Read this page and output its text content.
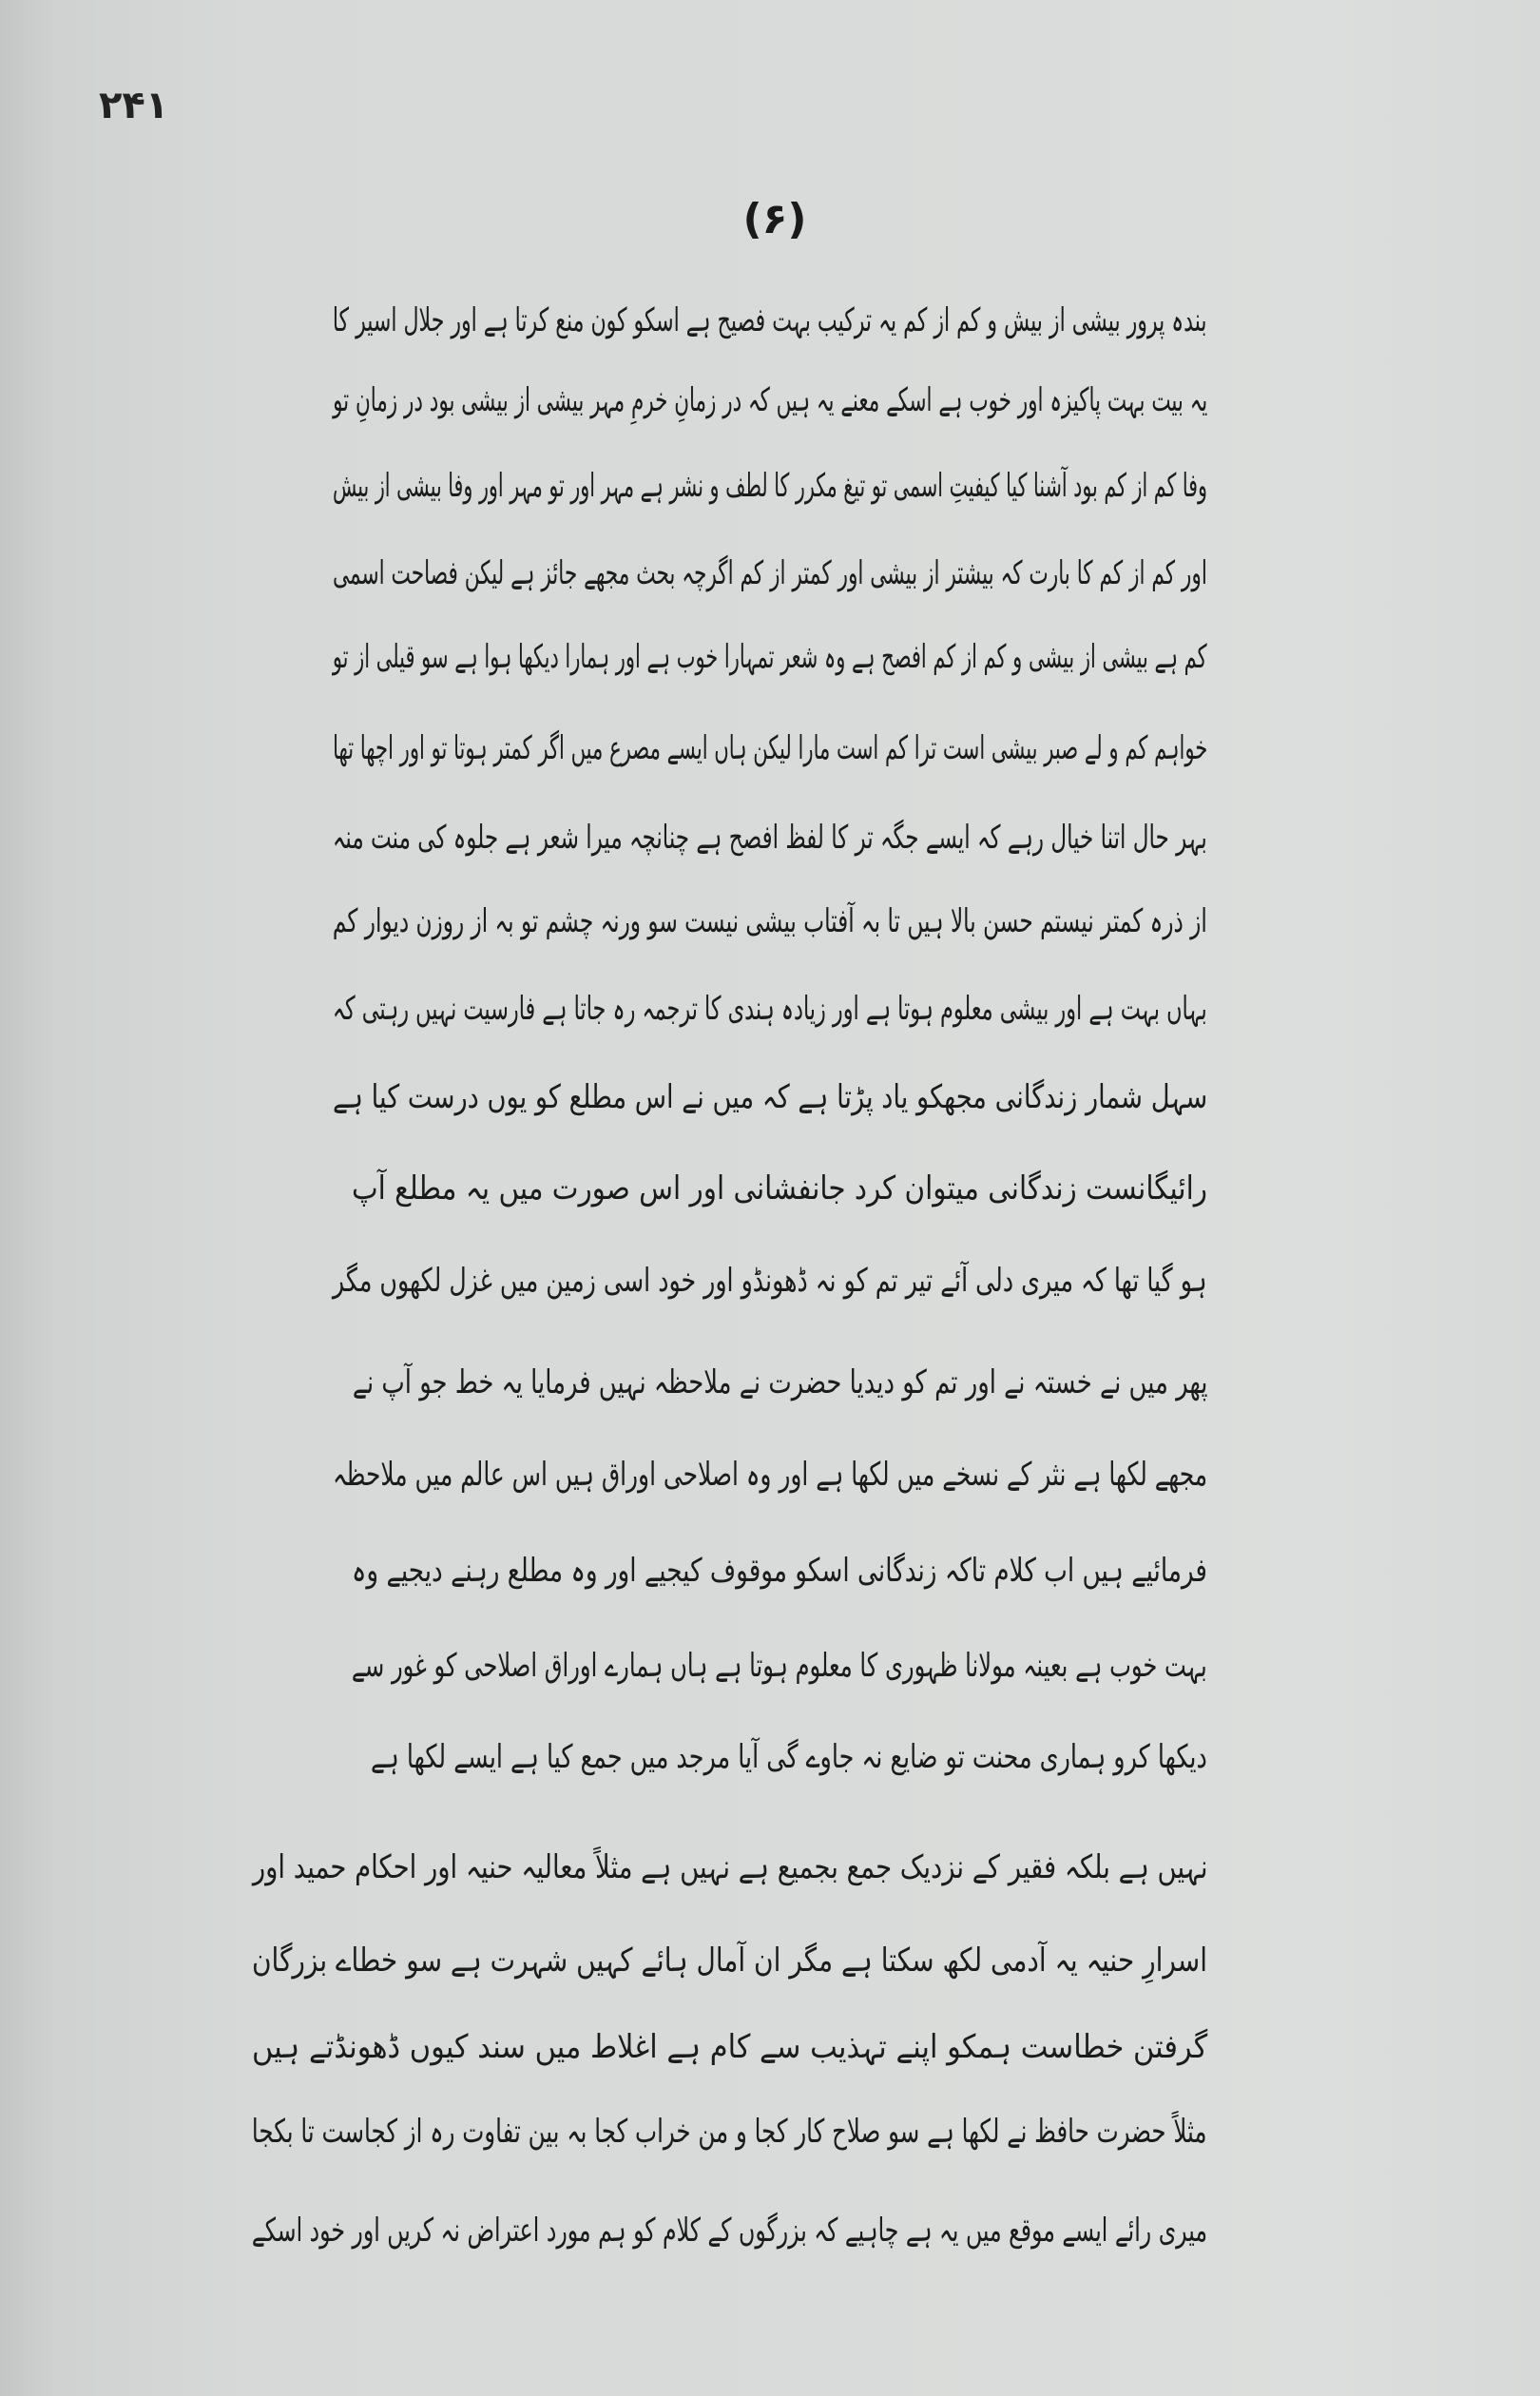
۲۴۱
(۶)
بندہ پرور بیشی از بیش و کم از کم یہ ترکیب بہت فصیح ہے اسکو کون منع کرتا ہے اور جلال اسیر کا
یہ بیت بہت پاکیزہ اور خوب ہے اسکے معنے یہ ہیں کہ در زمانِ خرمِ مہر بیشی از بیشی بود در زمانِ تو
وفا کم از کم بود آشنا کیا کیفیتِ اسمی تو تیغ مکرر کا لطف و نشر ہے مہر اور تو مہر اور وفا بیشی از بیش
اور کم از کم کا بارت کہ بیشتر از بیشی اور کمتر از کم اگرچہ بحث مجھے جائز ہے لیکن فصاحت اسمی
کم ہے بیشی از بیشی و کم از کم افصح ہے وہ شعر تمہارا خوب ہے اور ہمارا دیکھا ہوا ہے سو قیلی از تو
خواہم کم و لے صبر بیشی است ترا کم است مارا لیکن ہاں ایسے مصرع میں اگر کمتر ہوتا تو اور اچھا تھا
بہر حال اتنا خیال رہے کہ ایسے جگہ تر کا لفظ افصح ہے چنانچہ میرا شعر ہے جلوہ کی منت منہ
از ذرہ کمتر نیستم حسن بالا ہیں تا بہ آفتاب بیشی نیست سو ورنہ چشم تو بہ از روزن دیوار کم
بہاں بہت ہے اور بیشی معلوم ہوتا ہے اور زیادہ ہندی کا ترجمہ رہ جاتا ہے فارسیت نہیں رہتی کہ
سہل شمار زندگانی مجھکو یاد پڑتا ہے کہ میں نے اس مطلع کو یوں درست کیا ہے
رائیگانست زندگانی میتوان کرد جانفشانی اور اس صورت میں یہ مطلع آپ
ہو گیا تھا کہ میری دلی آئے تیر تم کو نہ ڈھونڈو اور خود اسی زمین میں غزل لکھوں مگر
پھر میں نے خستہ نے اور تم کو دیدیا حضرت نے ملاحظہ نہیں فرمایا یہ خط جو آپ نے
مجھے لکھا ہے نثر کے نسخے میں لکھا ہے اور وہ اصلاحی اوراق ہیں اس عالم میں ملاحظہ
فرمائیے ہیں اب کلام تاکہ زندگانی اسکو موقوف کیجیے اور وہ مطلع رہنے دیجیے وہ
بہت خوب ہے بعینہ مولانا ظہوری کا معلوم ہوتا ہے ہاں ہمارے اوراق اصلاحی کو غور سے
دیکھا کرو ہماری محنت تو ضایع نہ جاوے گی آیا مرجد میں جمع کیا ہے ایسے لکھا ہے
نہیں ہے بلکہ فقیر کے نزدیک جمع بجمیع ہے نہیں ہے مثلاً معالیہ حنیہ اور احکام حمید اور
اسرارِ حنیہ یہ آدمی لکھ سکتا ہے مگر ان آمال ہائے کہیں شہرت ہے سو خطاے بزرگان
گرفتن خطاست ہمکو اپنے تہذیب سے کام ہے اغلاط میں سند کیوں ڈھونڈتے ہیں
مثلاً حضرت حافظ نے لکھا ہے سو صلاح کار کجا و من خراب کجا بہ بین تفاوت رہ از کجاست تا بکجا
میری رائے ایسے موقع میں یہ ہے چاہیے کہ بزرگوں کے کلام کو ہم مورد اعتراض نہ کریں اور خود اسکے
